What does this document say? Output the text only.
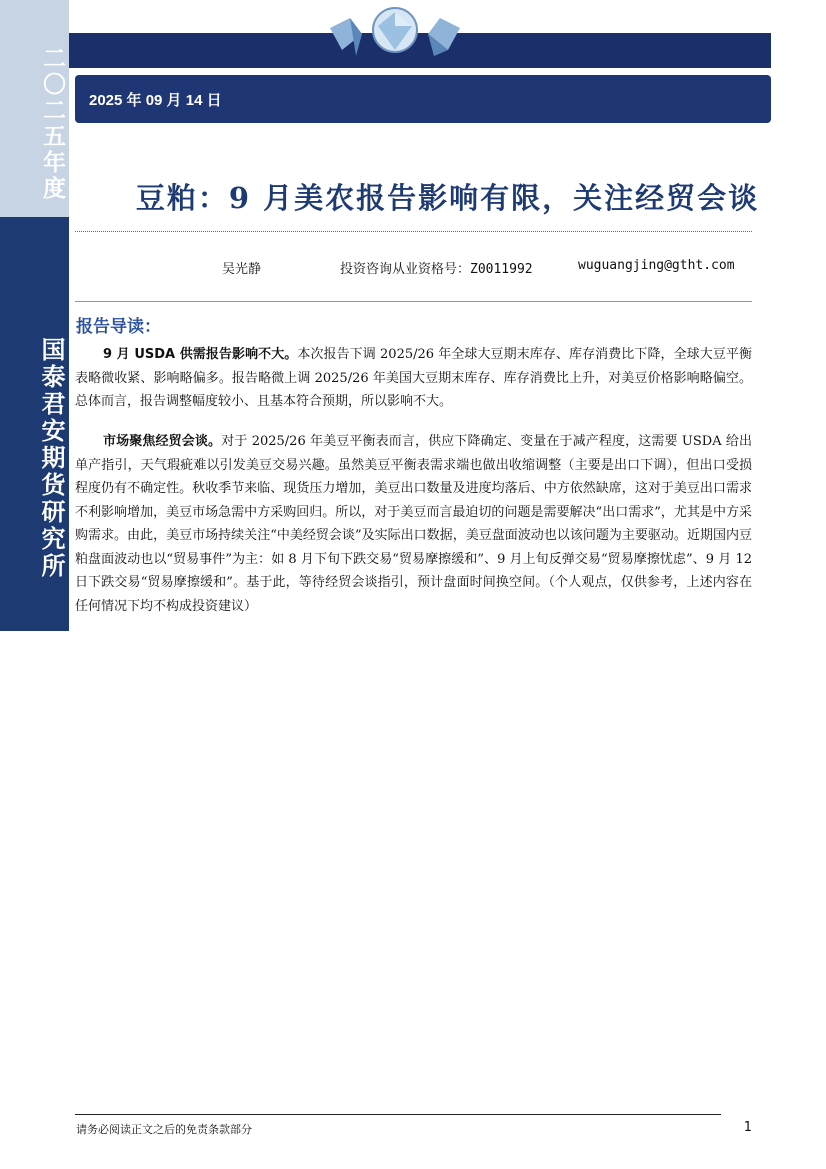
二〇二五年度
国泰君安期货研究所
2025 年 09 月 14 日
豆粕：9 月美农报告影响有限，关注经贸会谈
吴光静	投资咨询从业资格号：Z0011992	wuguangjing@gtht.com
报告导读：
9 月 USDA 供需报告影响不大。本次报告下调 2025/26 年全球大豆期末库存、库存消费比下降，全球大豆平衡表略微收紧、影响略偏多。报告略微上调 2025/26 年美国大豆期末库存、库存消费比上升，对美豆价格影响略偏空。总体而言，报告调整幅度较小、且基本符合预期，所以影响不大。
市场聚焦经贸会谈。对于 2025/26 年美豆平衡表而言，供应下降确定、变量在于减产程度，这需要 USDA 给出单产指引，天气瑕疵难以引发美豆交易兴趣。虽然美豆平衡表需求端也做出收缩调整（主要是出口下调），但出口受损程度仍有不确定性。秋收季节来临、现货压力增加，美豆出口数量及进度均落后、中方依然缺席，这对于美豆出口需求不利影响增加，美豆市场急需中方采购回归。所以，对于美豆而言最迫切的问题是需要解决“出口需求”，尤其是中方采购需求。由此，美豆市场持续关注“中美经贸会谈”及实际出口数据，美豆盘面波动也以该问题为主要驱动。近期国内豆粕盘面波动也以“贸易事件”为主：如 8 月下旬下跌交易“贸易摩擦缓和”、9 月上旬反弹交易“贸易摩擦忧虑”、9 月 12 日下跌交易“贸易摩擦缓和”。基于此，等待经贸会谈指引，预计盘面时间换空间。（个人观点，仅供参考，上述内容在任何情况下均不构成投资建议）
请务必阅读正文之后的免责条款部分	1
